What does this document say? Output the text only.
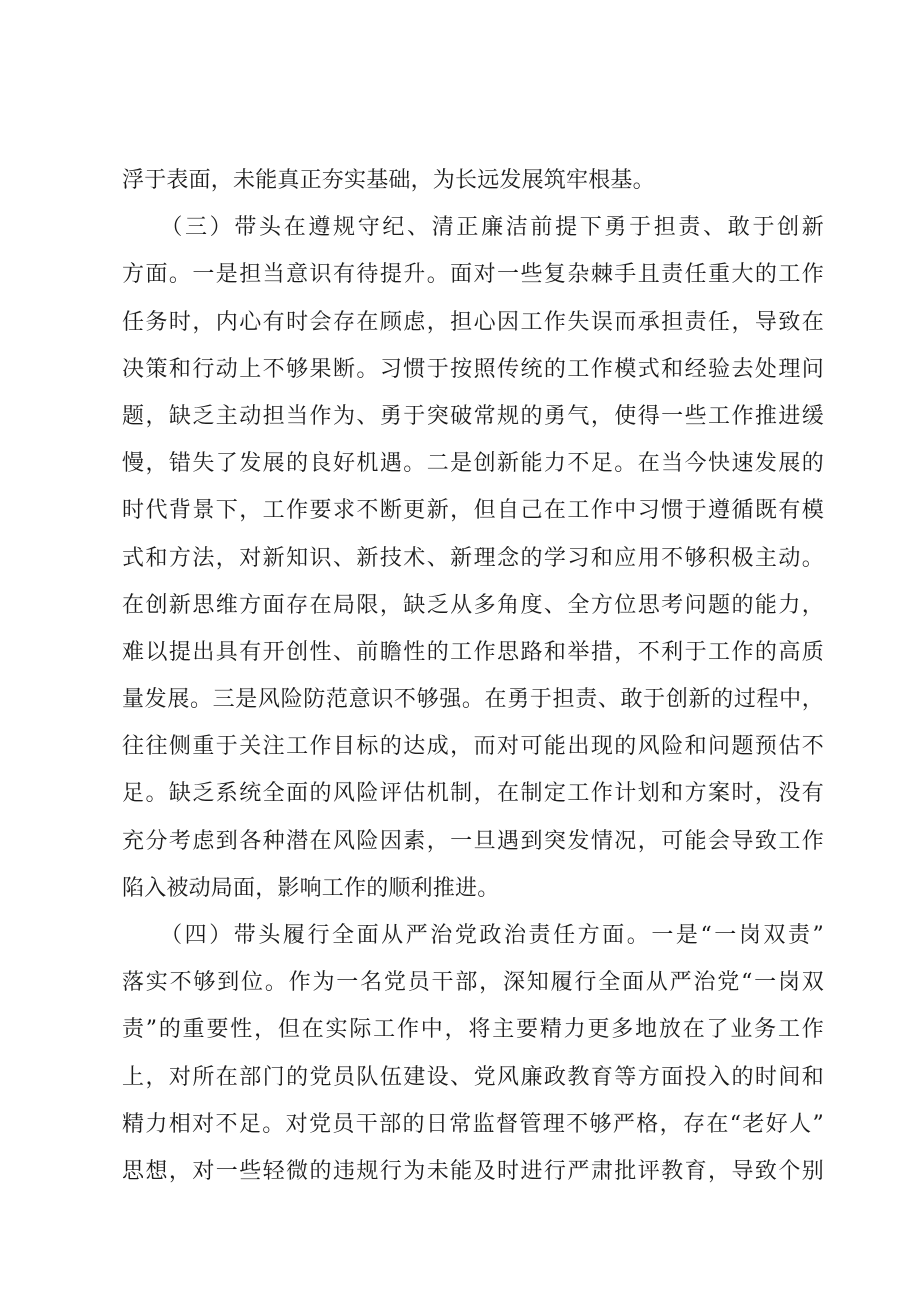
浮于表面，未能真正夯实基础，为长远发展筑牢根基。
　　（三）带头在遵规守纪、清正廉洁前提下勇于担责、敢于创新
方面。一是担当意识有待提升。面对一些复杂棘手且责任重大的工作
任务时，内心有时会存在顾虑，担心因工作失误而承担责任，导致在
决策和行动上不够果断。习惯于按照传统的工作模式和经验去处理问
题，缺乏主动担当作为、勇于突破常规的勇气，使得一些工作推进缓
慢，错失了发展的良好机遇。二是创新能力不足。在当今快速发展的
时代背景下，工作要求不断更新，但自己在工作中习惯于遵循既有模
式和方法，对新知识、新技术、新理念的学习和应用不够积极主动。
在创新思维方面存在局限，缺乏从多角度、全方位思考问题的能力，
难以提出具有开创性、前瞻性的工作思路和举措，不利于工作的高质
量发展。三是风险防范意识不够强。在勇于担责、敢于创新的过程中，
往往侧重于关注工作目标的达成，而对可能出现的风险和问题预估不
足。缺乏系统全面的风险评估机制，在制定工作计划和方案时，没有
充分考虑到各种潜在风险因素，一旦遇到突发情况，可能会导致工作
陷入被动局面，影响工作的顺利推进。
　　（四）带头履行全面从严治党政治责任方面。一是“一岗双责”
落实不够到位。作为一名党员干部，深知履行全面从严治党“一岗双
责”的重要性，但在实际工作中，将主要精力更多地放在了业务工作
上，对所在部门的党员队伍建设、党风廉政教育等方面投入的时间和
精力相对不足。对党员干部的日常监督管理不够严格，存在“老好人”
思想，对一些轻微的违规行为未能及时进行严肃批评教育，导致个别
